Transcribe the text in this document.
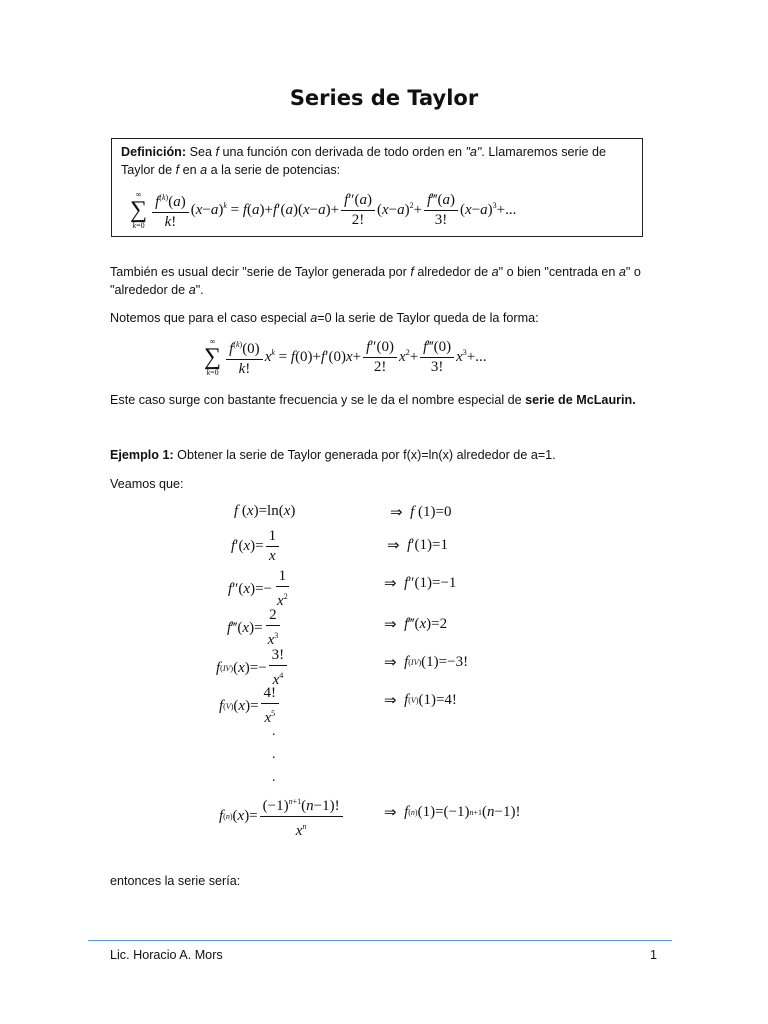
Series de Taylor
Definición: Sea f una función con derivada de todo orden en "a". Llamaremos serie de Taylor de f en a a la serie de potencias:
∞
∑
$k=0 \frac{f^{(k)}(a)}{k!} (x-a)^k = f(a)+f'(a)(x-a)+ \frac{f''(a)}{2!} (x-a)^2+ \frac{f‴(a)}{3!} (x-a)^3+$...
También es usual decir "serie de Taylor generada por f alrededor de a" o bien "centrada en a" o "alrededor de a".
Notemos que para el caso especial a=0 la serie de Taylor queda de la forma:
∞
∑
$k=0 \frac{f^{(k)}(0)}{k!} x^k = f(0)+f'(0)x+ \frac{f''(0)}{2!} x^2+ \frac{f‴(0)}{3!} x^3+$...
Este caso surge con bastante frecuencia y se le da el nombre especial de serie de McLaurin.
Ejemplo 1: Obtener la serie de Taylor generada por f(x)=ln(x) alrededor de a=1.
Veamos que:
f ( x )=ln( x )	⇒ f (1)=0
f ′( x )= $\frac{1}{x}$	⇒ f ′(1)=1
f ″( x )=− $\frac{1}{x^2}$	⇒ f ″(1)=−1
f ‴( x )= $\frac{2}{x^3}$	⇒ f ‴( x )=2
f (IV) ( x )=− $\frac{3!}{x^4}$	⇒ f (IV) (1)=−3!
f (V) ( x )= $\frac{4!}{x^5}$	⇒ f (V) (1)=4!
.
.
.
f (n) ( x )= $\frac{(-1)^{n+1}(n-1)!}{x^n}$	⇒ f (n) (1)=(−1) n+1 ( n −1)!
entonces la serie sería:
Lic. Horacio A. Mors	1
